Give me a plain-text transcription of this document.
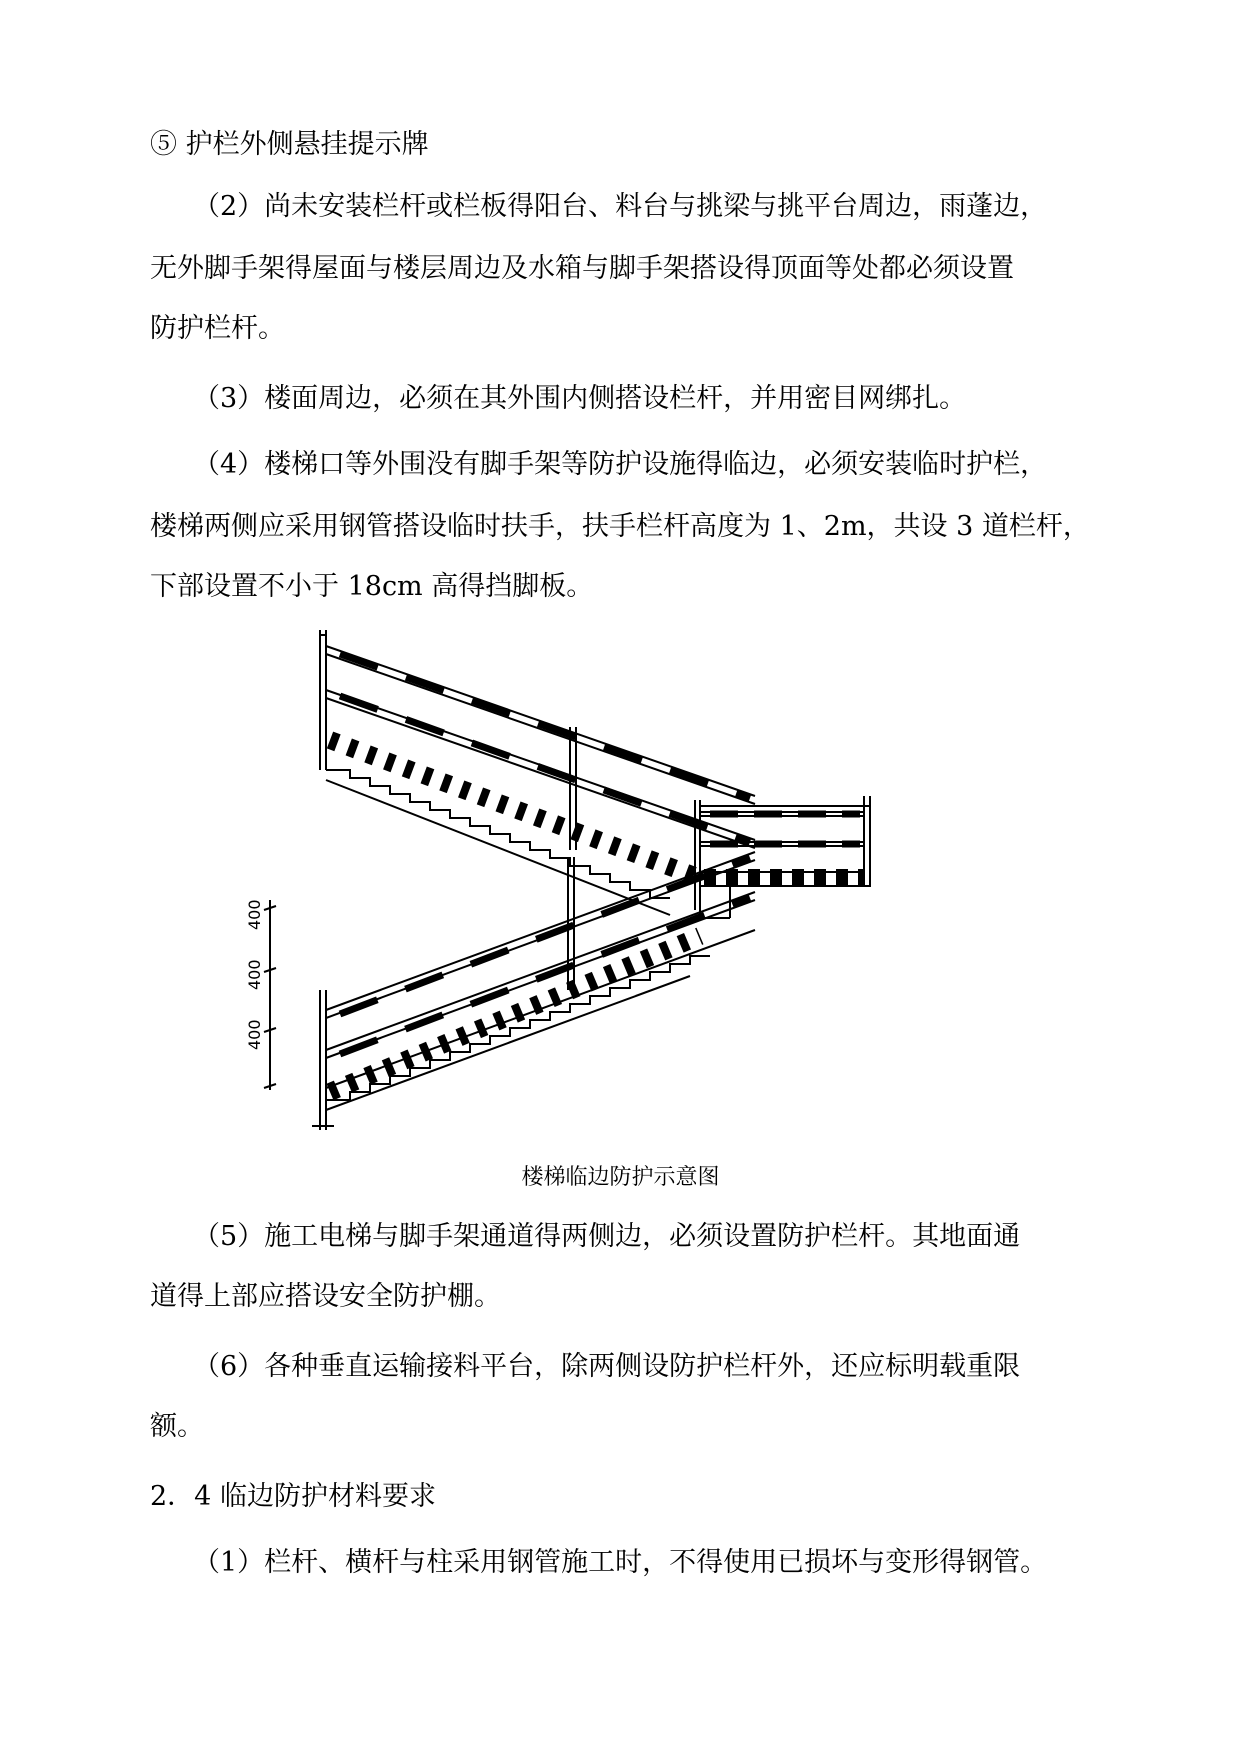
⑤ 护栏外侧悬挂提示牌
（2）尚未安装栏杆或栏板得阳台、料台与挑梁与挑平台周边，雨蓬边，
无外脚手架得屋面与楼层周边及水箱与脚手架搭设得顶面等处都必须设置
防护栏杆。
（3）楼面周边，必须在其外围内侧搭设栏杆，并用密目网绑扎。
（4）楼梯口等外围没有脚手架等防护设施得临边，必须安装临时护栏，
楼梯两侧应采用钢管搭设临时扶手，扶手栏杆高度为 1、2m，共设 3 道栏杆，
下部设置不小于 18cm 高得挡脚板。
400
400
400
楼梯临边防护示意图
（5）施工电梯与脚手架通道得两侧边，必须设置防护栏杆。其地面通
道得上部应搭设安全防护棚。
（6）各种垂直运输接料平台，除两侧设防护栏杆外，还应标明载重限
额。
2．4 临边防护材料要求
（1）栏杆、横杆与柱采用钢管施工时，不得使用已损坏与变形得钢管。
